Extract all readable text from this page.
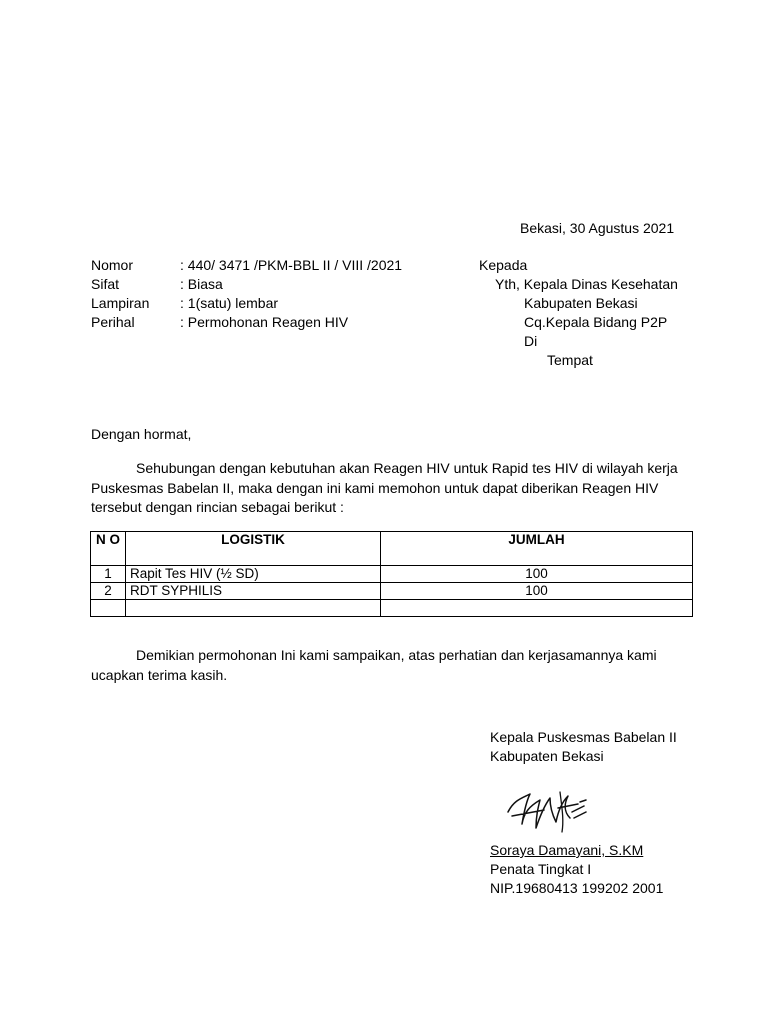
Bekasi, 30 Agustus 2021
Nomor	: 440/ 3471 /PKM-BBL II / VIII /2021
Sifat	: Biasa
Lampiran : 1(satu) lembar
Perihal	: Permohonan Reagen HIV
Kepada
Yth, Kepala Dinas Kesehatan
Kabupaten Bekasi
Cq.Kepala Bidang P2P
Di
Tempat
Dengan hormat,
Sehubungan dengan kebutuhan akan Reagen HIV untuk Rapid tes HIV di wilayah kerja Puskesmas Babelan II, maka dengan ini kami memohon untuk dapat diberikan Reagen HIV tersebut dengan rincian sebagai berikut :
N O	LOGISTIK	JUMLAH
1	Rapit Tes HIV (½ SD)	100
2	RDT SYPHILIS	100

Demikian permohonan Ini kami sampaikan, atas perhatian dan kerjasamannya kami ucapkan terima kasih.
Kepala Puskesmas Babelan II
Kabupaten Bekasi
Soraya Damayani, S.KM
Penata Tingkat I
NIP.19680413 199202 2001
